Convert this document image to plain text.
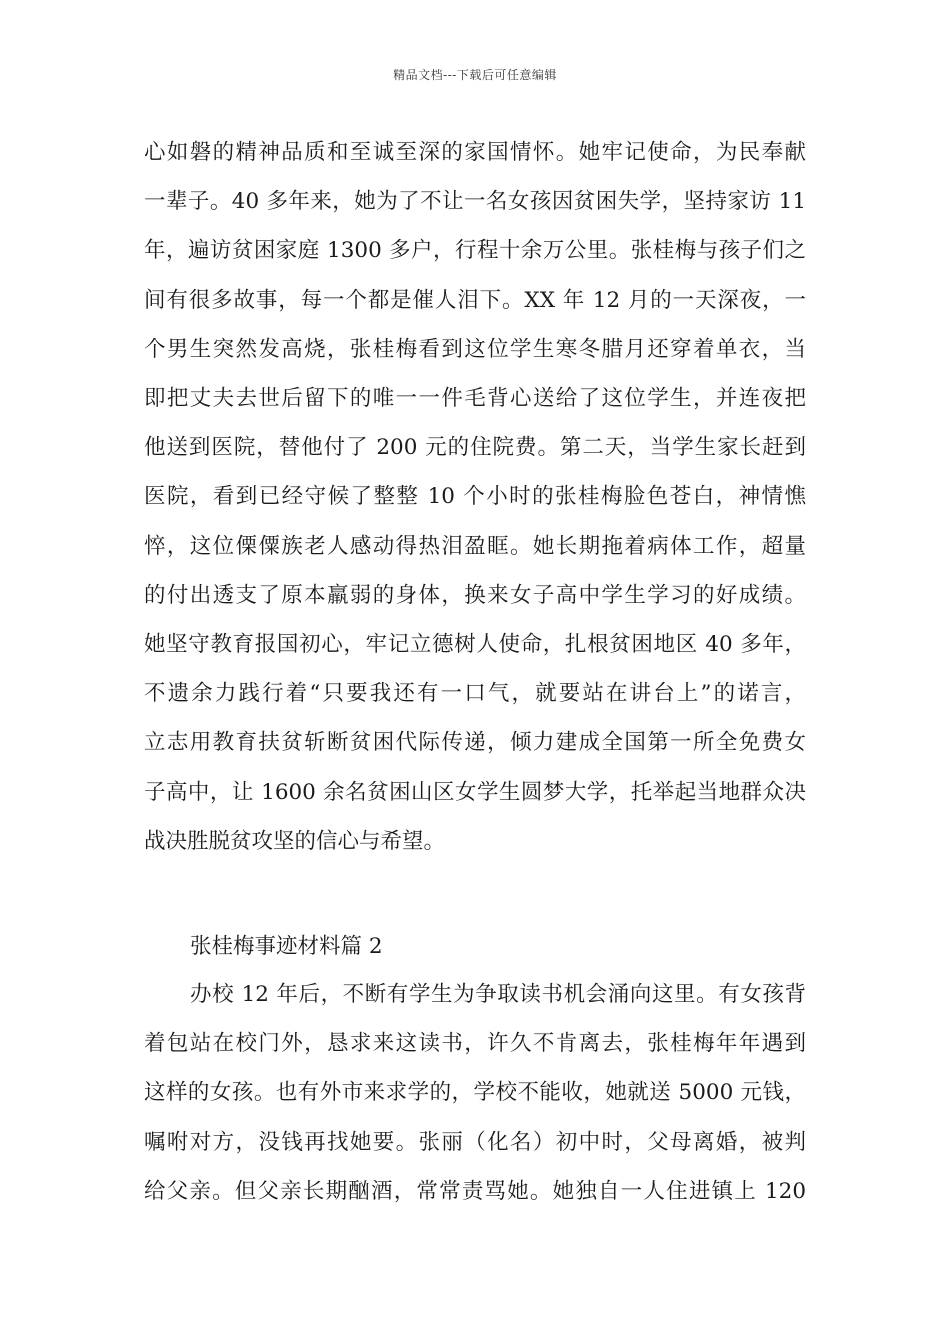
精品文档---下载后可任意编辑
心如磐的精神品质和至诚至深的家国情怀。她牢记使命，为民奉献
一辈子。40 多年来，她为了不让一名女孩因贫困失学，坚持家访 11
年，遍访贫困家庭 1300 多户，行程十余万公里。张桂梅与孩子们之
间有很多故事，每一个都是催人泪下。XX 年 12 月的一天深夜，一
个男生突然发高烧，张桂梅看到这位学生寒冬腊月还穿着单衣，当
即把丈夫去世后留下的唯一一件毛背心送给了这位学生，并连夜把
他送到医院，替他付了 200 元的住院费。第二天，当学生家长赶到
医院，看到已经守候了整整 10 个小时的张桂梅脸色苍白，神情憔
悴，这位傈僳族老人感动得热泪盈眶。她长期拖着病体工作，超量
的付出透支了原本羸弱的身体，换来女子高中学生学习的好成绩。
她坚守教育报国初心，牢记立德树人使命，扎根贫困地区 40 多年，
不遗余力践行着“只要我还有一口气，就要站在讲台上”的诺言，
立志用教育扶贫斩断贫困代际传递，倾力建成全国第一所全免费女
子高中，让 1600 余名贫困山区女学生圆梦大学，托举起当地群众决
战决胜脱贫攻坚的信心与希望。
张桂梅事迹材料篇 2
办校 12 年后，不断有学生为争取读书机会涌向这里。有女孩背
着包站在校门外，恳求来这读书，许久不肯离去，张桂梅年年遇到
这样的女孩。也有外市来求学的，学校不能收，她就送 5000 元钱，
嘱咐对方，没钱再找她要。张丽（化名）初中时，父母离婚，被判
给父亲。但父亲长期酗酒，常常责骂她。她独自一人住进镇上 120
